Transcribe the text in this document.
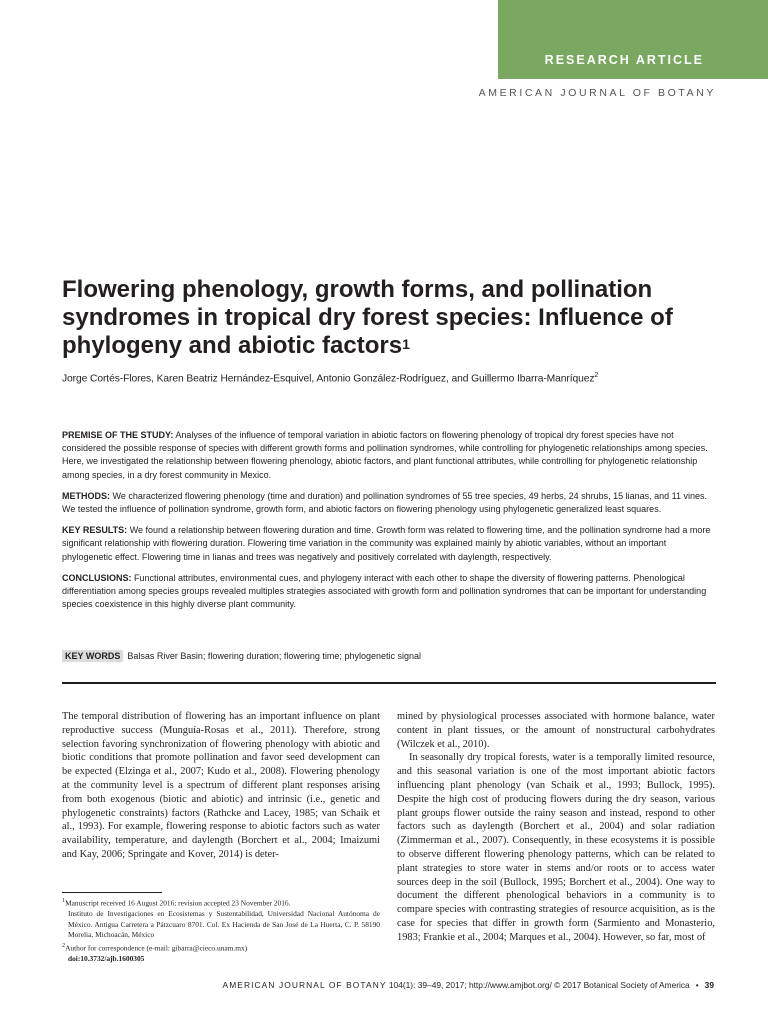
RESEARCH ARTICLE
AMERICAN JOURNAL OF BOTANY
Flowering phenology, growth forms, and pollination syndromes in tropical dry forest species: Influence of phylogeny and abiotic factors$^1$
Jorge Cortés-Flores, Karen Beatriz Hernández-Esquivel, Antonio González-Rodríguez, and Guillermo Ibarra-Manríquez$^2$

PREMISE OF THE STUDY: Analyses of the influence of temporal variation in abiotic factors on flowering phenology of tropical dry forest species have not considered the possible response of species with different growth forms and pollination syndromes, while controlling for phylogenetic relationships among species. Here, we investigated the relationship between flowering phenology, abiotic factors, and plant functional attributes, while controlling for phylogenetic relationship among species, in a dry forest community in Mexico.

METHODS: We characterized flowering phenology (time and duration) and pollination syndromes of 55 tree species, 49 herbs, 24 shrubs, 15 lianas, and 11 vines. We tested the influence of pollination syndrome, growth form, and abiotic factors on flowering phenology using phylogenetic generalized least squares.

KEY RESULTS: We found a relationship between flowering duration and time. Growth form was related to flowering time, and the pollination syndrome had a more significant relationship with flowering duration. Flowering time variation in the community was explained mainly by abiotic variables, without an important phylogenetic effect. Flowering time in lianas and trees was negatively and positively correlated with daylength, respectively.

CONCLUSIONS: Functional attributes, environmental cues, and phylogeny interact with each other to shape the diversity of flowering patterns. Phenological differentiation among species groups revealed multiples strategies associated with growth form and pollination syndromes that can be important for understanding species coexistence in this highly diverse plant community.

KEY WORDS Balsas River Basin; flowering duration; flowering time; phylogenetic signal

The temporal distribution of flowering has an important influence on plant reproductive success (Munguía-Rosas et al., 2011). Therefore, strong selection favoring synchronization of flowering phenology with abiotic and biotic conditions that promote pollination and favor seed development can be expected (Elzinga et al., 2007; Kudo et al., 2008). Flowering phenology at the community level is a spectrum of different plant responses arising from both exogenous (biotic and abiotic) and intrinsic (i.e., genetic and phylogenetic constraints) factors (Rathcke and Lacey, 1985; van Schaik et al., 1993). For example, flowering response to abiotic factors such as water availability, temperature, and daylength (Borchert et al., 2004; Imaizumi and Kay, 2006; Springate and Kover, 2014) is deter-

$^1$Manuscript received 16 August 2016; revision accepted 23 November 2016.

Instituto de Investigaciones en Ecosistemas y Sustentabilidad, Universidad Nacional Autónoma de México. Antigua Carretera a Pátzcuaro 8701. Col. Ex Hacienda de San José de La Huerta, C. P. 58190 Morelia, Michoacán, México

$^2$Author for correspondence (e-mail: gibarra@cieco.unam.mx)

doi:10.3732/ajb.1600305

mined by physiological processes associated with hormone balance, water content in plant tissues, or the amount of nonstructural carbohydrates (Wilczek et al., 2010).

In seasonally dry tropical forests, water is a temporally limited resource, and this seasonal variation is one of the most important abiotic factors influencing plant phenology (van Schaik et al., 1993; Bullock, 1995). Despite the high cost of producing flowers during the dry season, various plant groups flower outside the rainy season and instead, respond to other factors such as daylength (Borchert et al., 2004) and solar radiation (Zimmerman et al., 2007). Consequently, in these ecosystems it is possible to observe different flowering phenology patterns, which can be related to plant strategies to store water in stems and/or roots or to access water sources deep in the soil (Bullock, 1995; Borchert et al., 2004). One way to document the different phenological behaviors in a community is to compare species with contrasting strategies of resource acquisition, as is the case for species that differ in growth form (Sarmiento and Monasterio, 1983; Frankie et al., 2004; Marques et al., 2004). However, so far, most of

AMERICAN JOURNAL OF BOTANY 104(1): 39–49, 2017; http://www.amjbot.org/ © 2017 Botanical Society of America • 39
